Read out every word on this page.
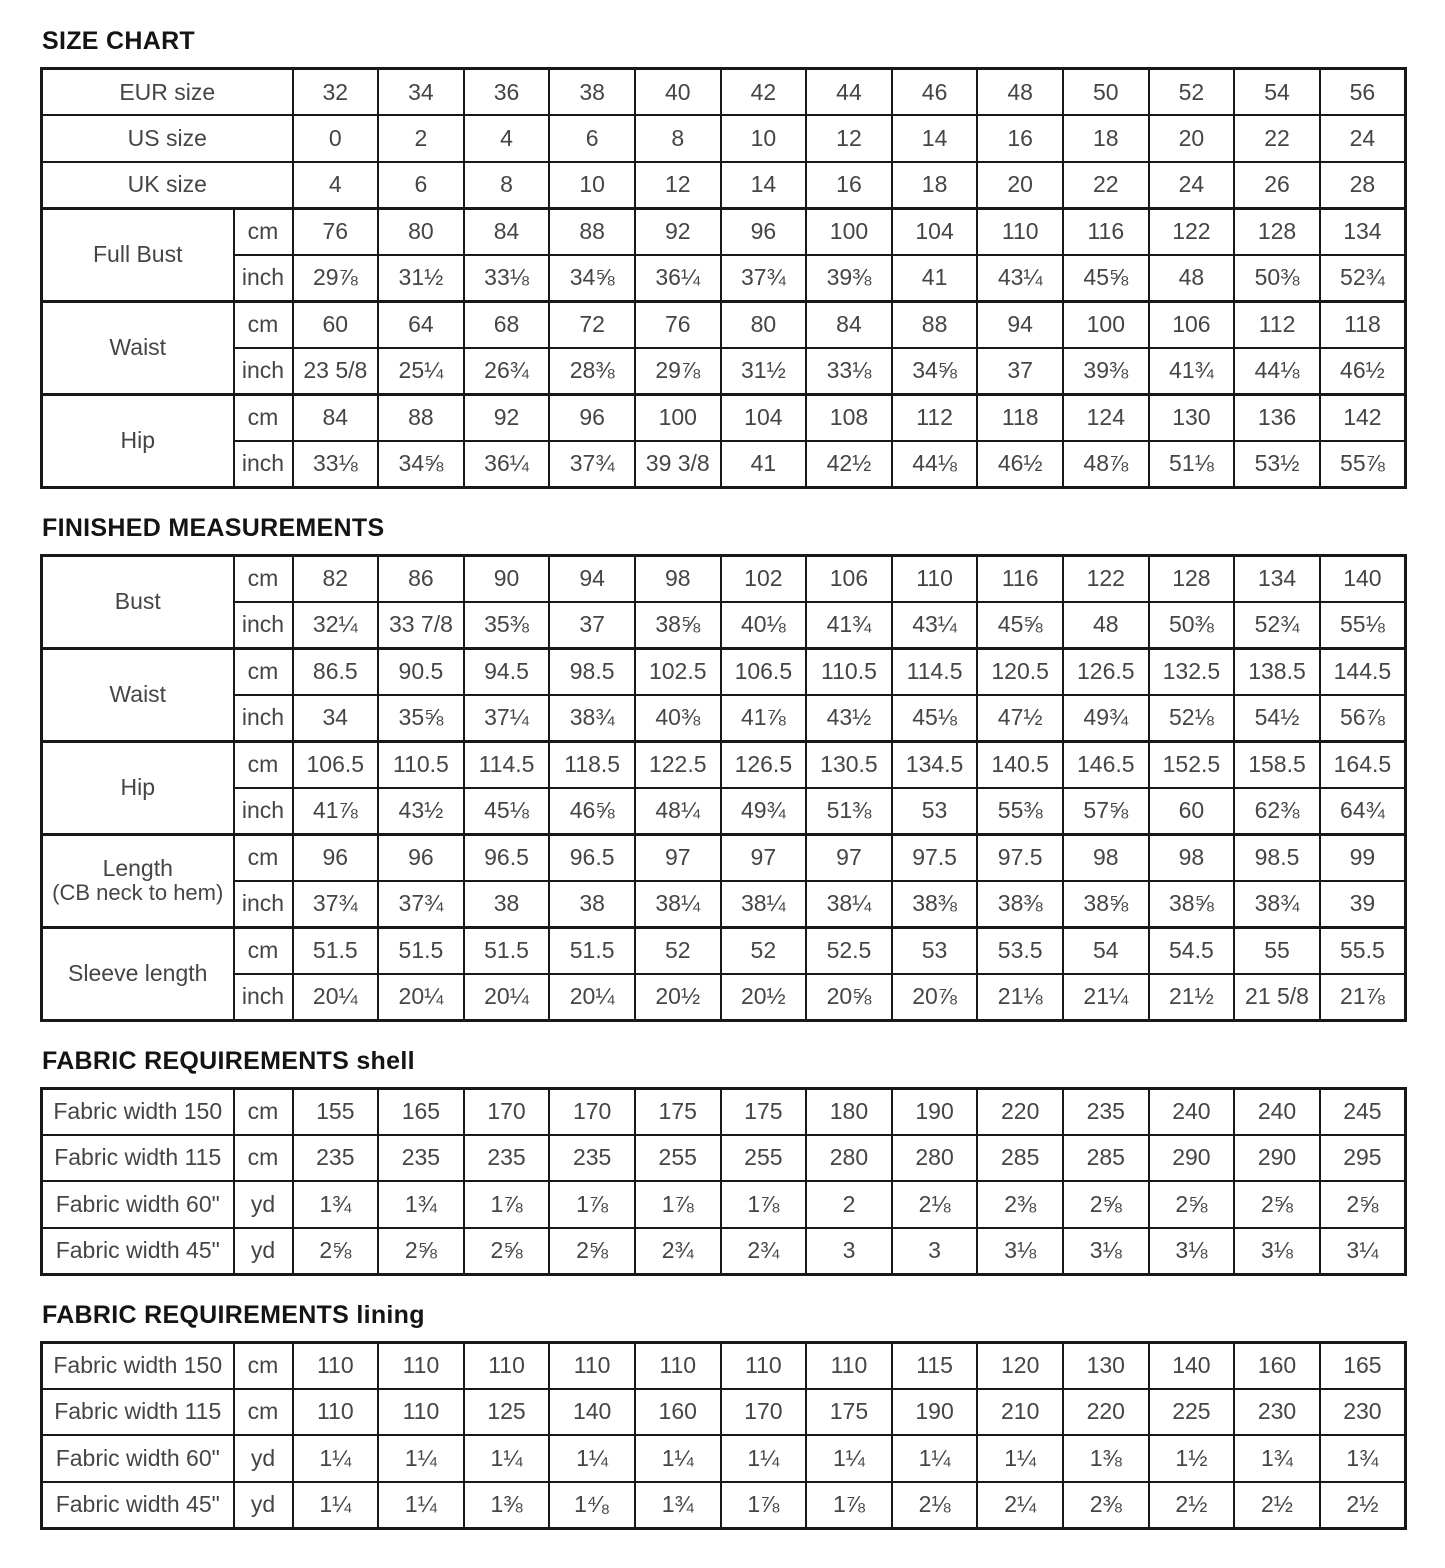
SIZE CHART
EUR size		32	34	36	38	40	42	44	46	48	50	52	54	56
US size		0	2	4	6	8	10	12	14	16	18	20	22	24
UK size		4	6	8	10	12	14	16	18	20	22	24	26	28

Full Bust	cm	76	80	84	88	92	96	100	104	110	116	122	128	134
	inch	29⅞	31½	33⅛	34⅝	36¼	37¾	39⅜	41	43¼	45⅝	48	50⅜	52¾

Waist	cm	60	64	68	72	76	80	84	88	94	100	106	112	118
	inch	23 5/8	25¼	26¾	28⅜	29⅞	31½	33⅛	34⅝	37	39⅜	41¾	44⅛	46½

Hip	cm	84	88	92	96	100	104	108	112	118	124	130	136	142
	inch	33⅛	34⅝	36¼	37¾	39 3/8	41	42½	44⅛	46½	48⅞	51⅛	53½	55⅞
FINISHED MEASUREMENTS
Bust	cm	82	86	90	94	98	102	106	110	116	122	128	134	140
	inch	32¼	33 7/8	35⅜	37	38⅝	40⅛	41¾	43¼	45⅝	48	50⅜	52¾	55⅛

Waist	cm	86.5	90.5	94.5	98.5	102.5	106.5	110.5	114.5	120.5	126.5	132.5	138.5	144.5
	inch	34	35⅝	37¼	38¾	40⅜	41⅞	43½	45⅛	47½	49¾	52⅛	54½	56⅞

Hip	cm	106.5	110.5	114.5	118.5	122.5	126.5	130.5	134.5	140.5	146.5	152.5	158.5	164.5
	inch	41⅞	43½	45⅛	46⅝	48¼	49¾	51⅜	53	55⅜	57⅝	60	62⅜	64¾

Length
(CB neck to hem)	cm	96	96	96.5	96.5	97	97	97	97.5	97.5	98	98	98.5	99
	inch	37¾	37¾	38	38	38¼	38¼	38¼	38⅜	38⅜	38⅝	38⅝	38¾	39

Sleeve length	cm	51.5	51.5	51.5	51.5	52	52	52.5	53	53.5	54	54.5	55	55.5
	inch	20¼	20¼	20¼	20¼	20½	20½	20⅝	20⅞	21⅛	21¼	21½	21 5/8	21⅞
FABRIC REQUIREMENTS shell
Fabric width 150	cm	155	165	170	170	175	175	180	190	220	235	240	240	245
Fabric width 115	cm	235	235	235	235	255	255	280	280	285	285	290	290	295
Fabric width 60"	yd	1¾	1¾	1⅞	1⅞	1⅞	1⅞	2	2⅛	2⅜	2⅝	2⅝	2⅝	2⅝
Fabric width 45"	yd	2⅝	2⅝	2⅝	2⅝	2¾	2¾	3	3	3⅛	3⅛	3⅛	3⅛	3¼
FABRIC REQUIREMENTS lining
Fabric width 150	cm	110	110	110	110	110	110	110	115	120	130	140	160	165
Fabric width 115	cm	110	110	125	140	160	170	175	190	210	220	225	230	230
Fabric width 60"	yd	1¼	1¼	1¼	1¼	1¼	1¼	1¼	1¼	1¼	1⅜	1½	1¾	1¾
Fabric width 45"	yd	1¼	1¼	1⅜	1⁴⁄₈	1¾	1⅞	1⅞	2⅛	2¼	2⅜	2½	2½	2½
